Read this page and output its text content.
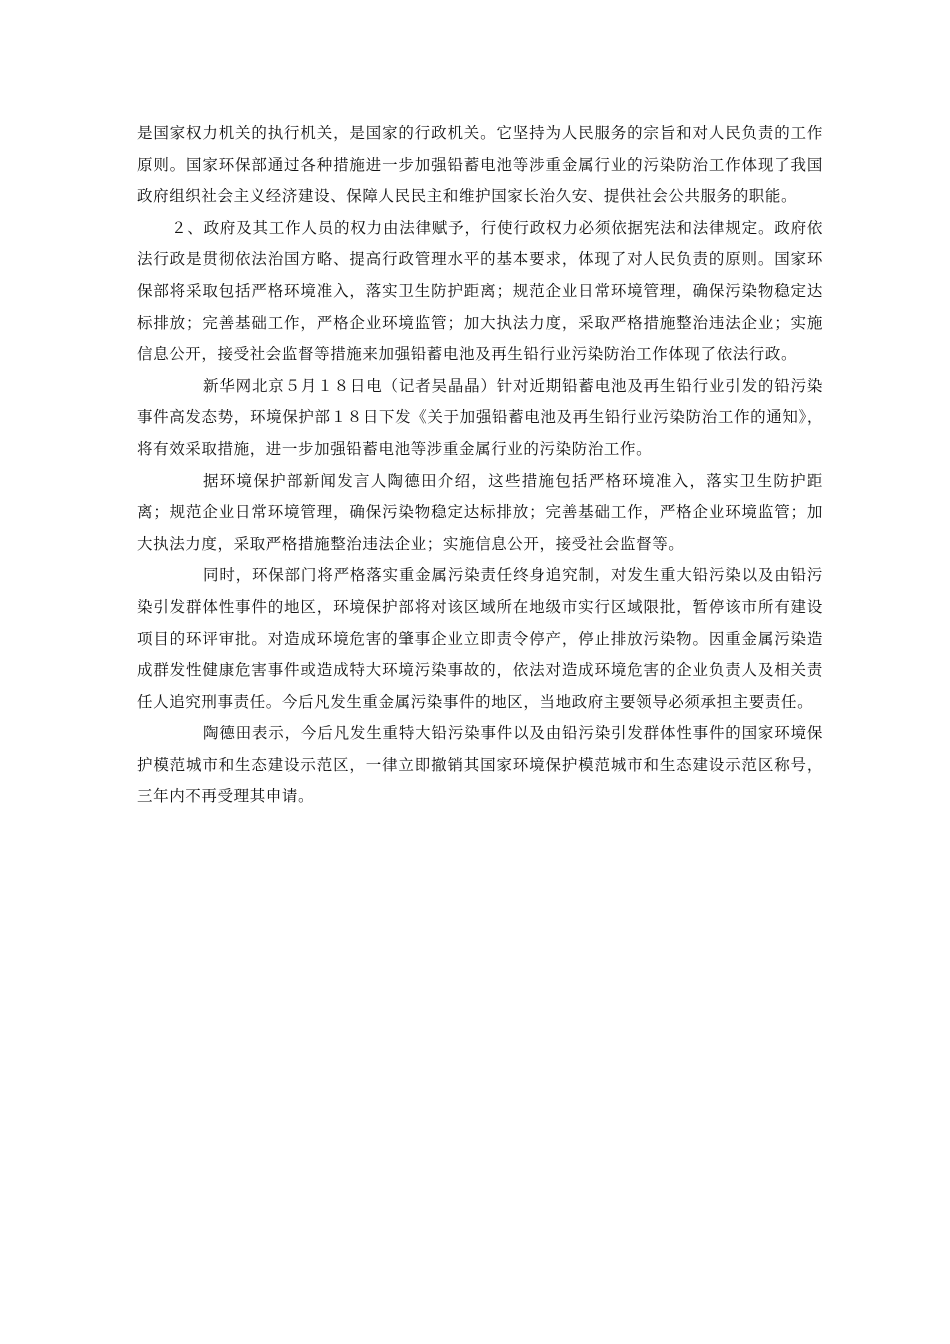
是国家权力机关的执行机关，是国家的行政机关。它坚持为人民服务的宗旨和对人民负责的工作原则。国家环保部通过各种措施进一步加强铅蓄电池等涉重金属行业的污染防治工作体现了我国政府组织社会主义经济建设、保障人民民主和维护国家长治久安、提供社会公共服务的职能。

２、政府及其工作人员的权力由法律赋予，行使行政权力必须依据宪法和法律规定。政府依法行政是贯彻依法治国方略、提高行政管理水平的基本要求，体现了对人民负责的原则。国家环保部将采取包括严格环境准入，落实卫生防护距离；规范企业日常环境管理，确保污染物稳定达标排放；完善基础工作，严格企业环境监管；加大执法力度，采取严格措施整治违法企业；实施信息公开，接受社会监督等措施来加强铅蓄电池及再生铅行业污染防治工作体现了依法行政。

新华网北京５月１８日电（记者吴晶晶）针对近期铅蓄电池及再生铅行业引发的铅污染事件高发态势，环境保护部１８日下发《关于加强铅蓄电池及再生铅行业污染防治工作的通知》，将有效采取措施，进一步加强铅蓄电池等涉重金属行业的污染防治工作。

据环境保护部新闻发言人陶德田介绍，这些措施包括严格环境准入，落实卫生防护距离；规范企业日常环境管理，确保污染物稳定达标排放；完善基础工作，严格企业环境监管；加大执法力度，采取严格措施整治违法企业；实施信息公开，接受社会监督等。

同时，环保部门将严格落实重金属污染责任终身追究制，对发生重大铅污染以及由铅污染引发群体性事件的地区，环境保护部将对该区域所在地级市实行区域限批，暂停该市所有建设项目的环评审批。对造成环境危害的肇事企业立即责令停产，停止排放污染物。因重金属污染造成群发性健康危害事件或造成特大环境污染事故的，依法对造成环境危害的企业负责人及相关责任人追究刑事责任。今后凡发生重金属污染事件的地区，当地政府主要领导必须承担主要责任。

陶德田表示，今后凡发生重特大铅污染事件以及由铅污染引发群体性事件的国家环境保护模范城市和生态建设示范区，一律立即撤销其国家环境保护模范城市和生态建设示范区称号，三年内不再受理其申请。
